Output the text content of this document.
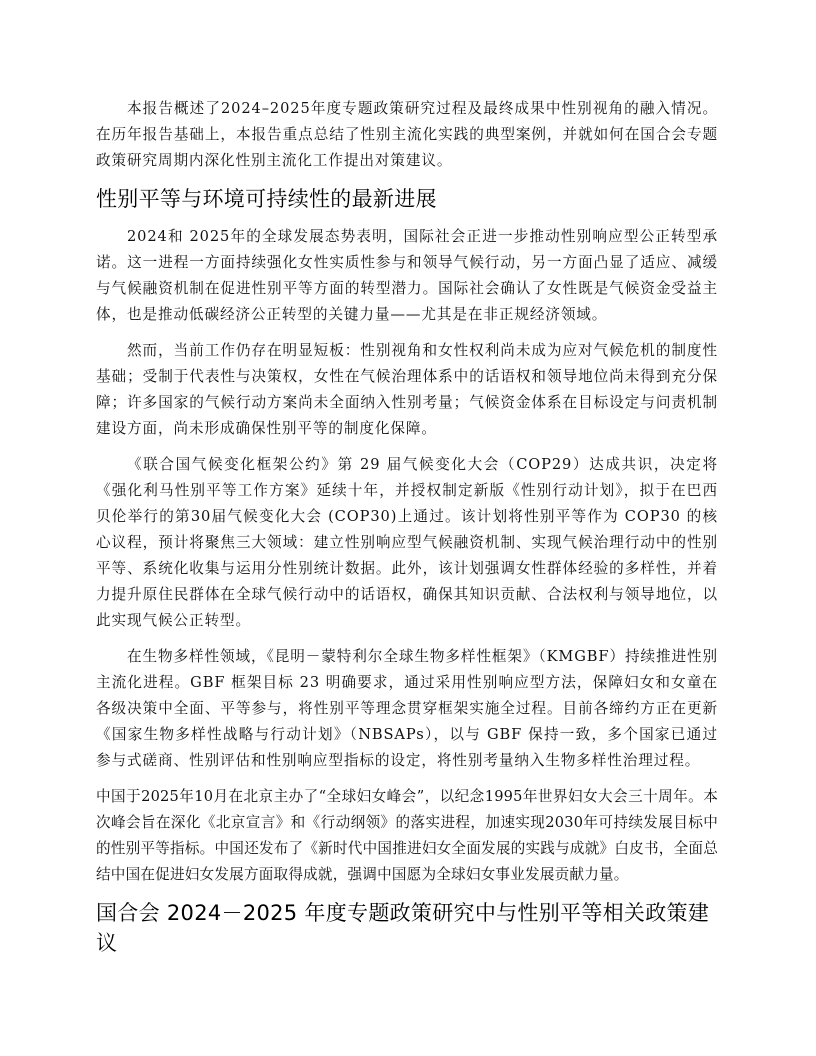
本报告概述了2024–2025年度专题政策研究过程及最终成果中性别视角的融入情况。在历年报告基础上，本报告重点总结了性别主流化实践的典型案例，并就如何在国合会专题政策研究周期内深化性别主流化工作提出对策建议。

性别平等与环境可持续性的最新进展

2024和 2025年的全球发展态势表明，国际社会正进一步推动性别响应型公正转型承诺。这一进程一方面持续强化女性实质性参与和领导气候行动，另一方面凸显了适应、减缓与气候融资机制在促进性别平等方面的转型潜力。国际社会确认了女性既是气候资金受益主体，也是推动低碳经济公正转型的关键力量——尤其是在非正规经济领域。

然而，当前工作仍存在明显短板：性别视角和女性权利尚未成为应对气候危机的制度性基础；受制于代表性与决策权，女性在气候治理体系中的话语权和领导地位尚未得到充分保障；许多国家的气候行动方案尚未全面纳入性别考量；气候资金体系在目标设定与问责机制建设方面，尚未形成确保性别平等的制度化保障。

《联合国气候变化框架公约》第 29 届气候变化大会（COP29）达成共识，决定将《强化利马性别平等工作方案》延续十年，并授权制定新版《性别行动计划》，拟于在巴西贝伦举行的第30届气候变化大会 (COP30)上通过。该计划将性别平等作为 COP30 的核心议程，预计将聚焦三大领域：建立性别响应型气候融资机制、实现气候治理行动中的性别平等、系统化收集与运用分性别统计数据。此外，该计划强调女性群体经验的多样性，并着力提升原住民群体在全球气候行动中的话语权，确保其知识贡献、合法权利与领导地位，以此实现气候公正转型。

在生物多样性领域，《昆明－蒙特利尔全球生物多样性框架》（KMGBF）持续推进性别主流化进程。GBF 框架目标 23 明确要求，通过采用性别响应型方法，保障妇女和女童在各级决策中全面、平等参与，将性别平等理念贯穿框架实施全过程。目前各缔约方正在更新《国家生物多样性战略与行动计划》（NBSAPs），以与 GBF 保持一致，多个国家已通过参与式磋商、性别评估和性别响应型指标的设定，将性别考量纳入生物多样性治理过程。

中国于2025年10月在北京主办了“全球妇女峰会”，以纪念1995年世界妇女大会三十周年。本次峰会旨在深化《北京宣言》和《行动纲领》的落实进程，加速实现2030年可持续发展目标中的性别平等指标。中国还发布了《新时代中国推进妇女全面发展的实践与成就》白皮书，全面总结中国在促进妇女发展方面取得成就，强调中国愿为全球妇女事业发展贡献力量。

国合会 2024－2025 年度专题政策研究中与性别平等相关政策建议
